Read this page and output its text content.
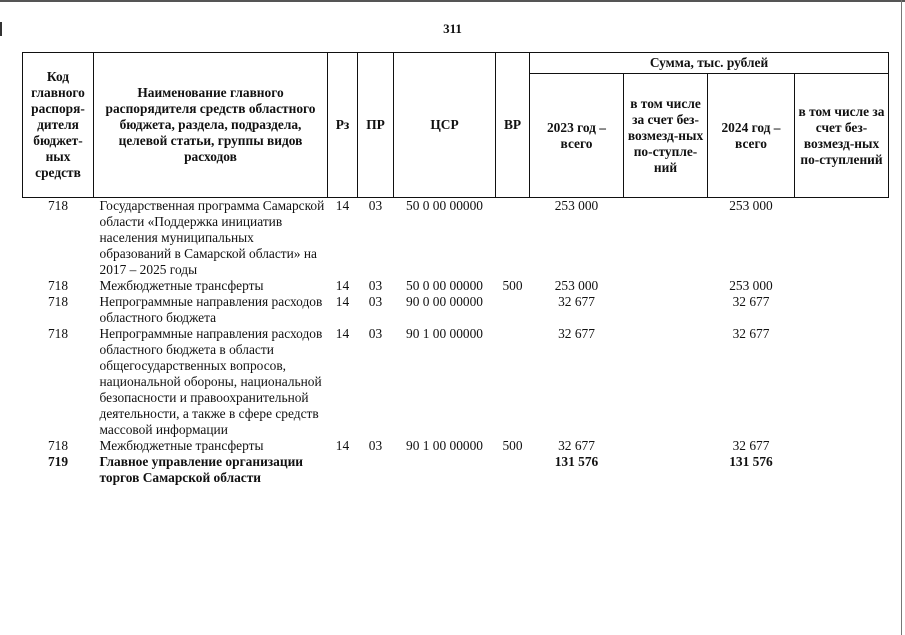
311
Код главного распоря-дителя бюджет-ных средств	Наименование главного распорядителя средств областного бюджета, раздела, подраздела, целевой статьи, группы видов расходов	Рз	ПР	ЦСР	ВР	Сумма, тыс. рублей			
						2023 год – всего	в том числе за счет без-возмезд-ных по-ступле-ний	2024 год – всего	в том числе за счет без-возмезд-ных по-ступлений
718	Государственная программа Самарской области «Поддержка инициатив населения муниципальных образований в Самарской области» на 2017 – 2025 годы	14	03	50 0 00 00000		253 000		253 000	
718	Межбюджетные трансферты	14	03	50 0 00 00000	500	253 000		253 000	
718	Непрограммные направления расходов областного бюджета	14	03	90 0 00 00000		32 677		32 677	
718	Непрограммные направления расходов областного бюджета в области общегосударственных вопросов, национальной обороны, национальной безопасности и правоохранительной деятельности, а также в сфере средств массовой информации	14	03	90 1 00 00000		32 677		32 677	
718	Межбюджетные трансферты	14	03	90 1 00 00000	500	32 677		32 677	
719	Главное управление организации торгов Самарской области					131 576		131 576	
